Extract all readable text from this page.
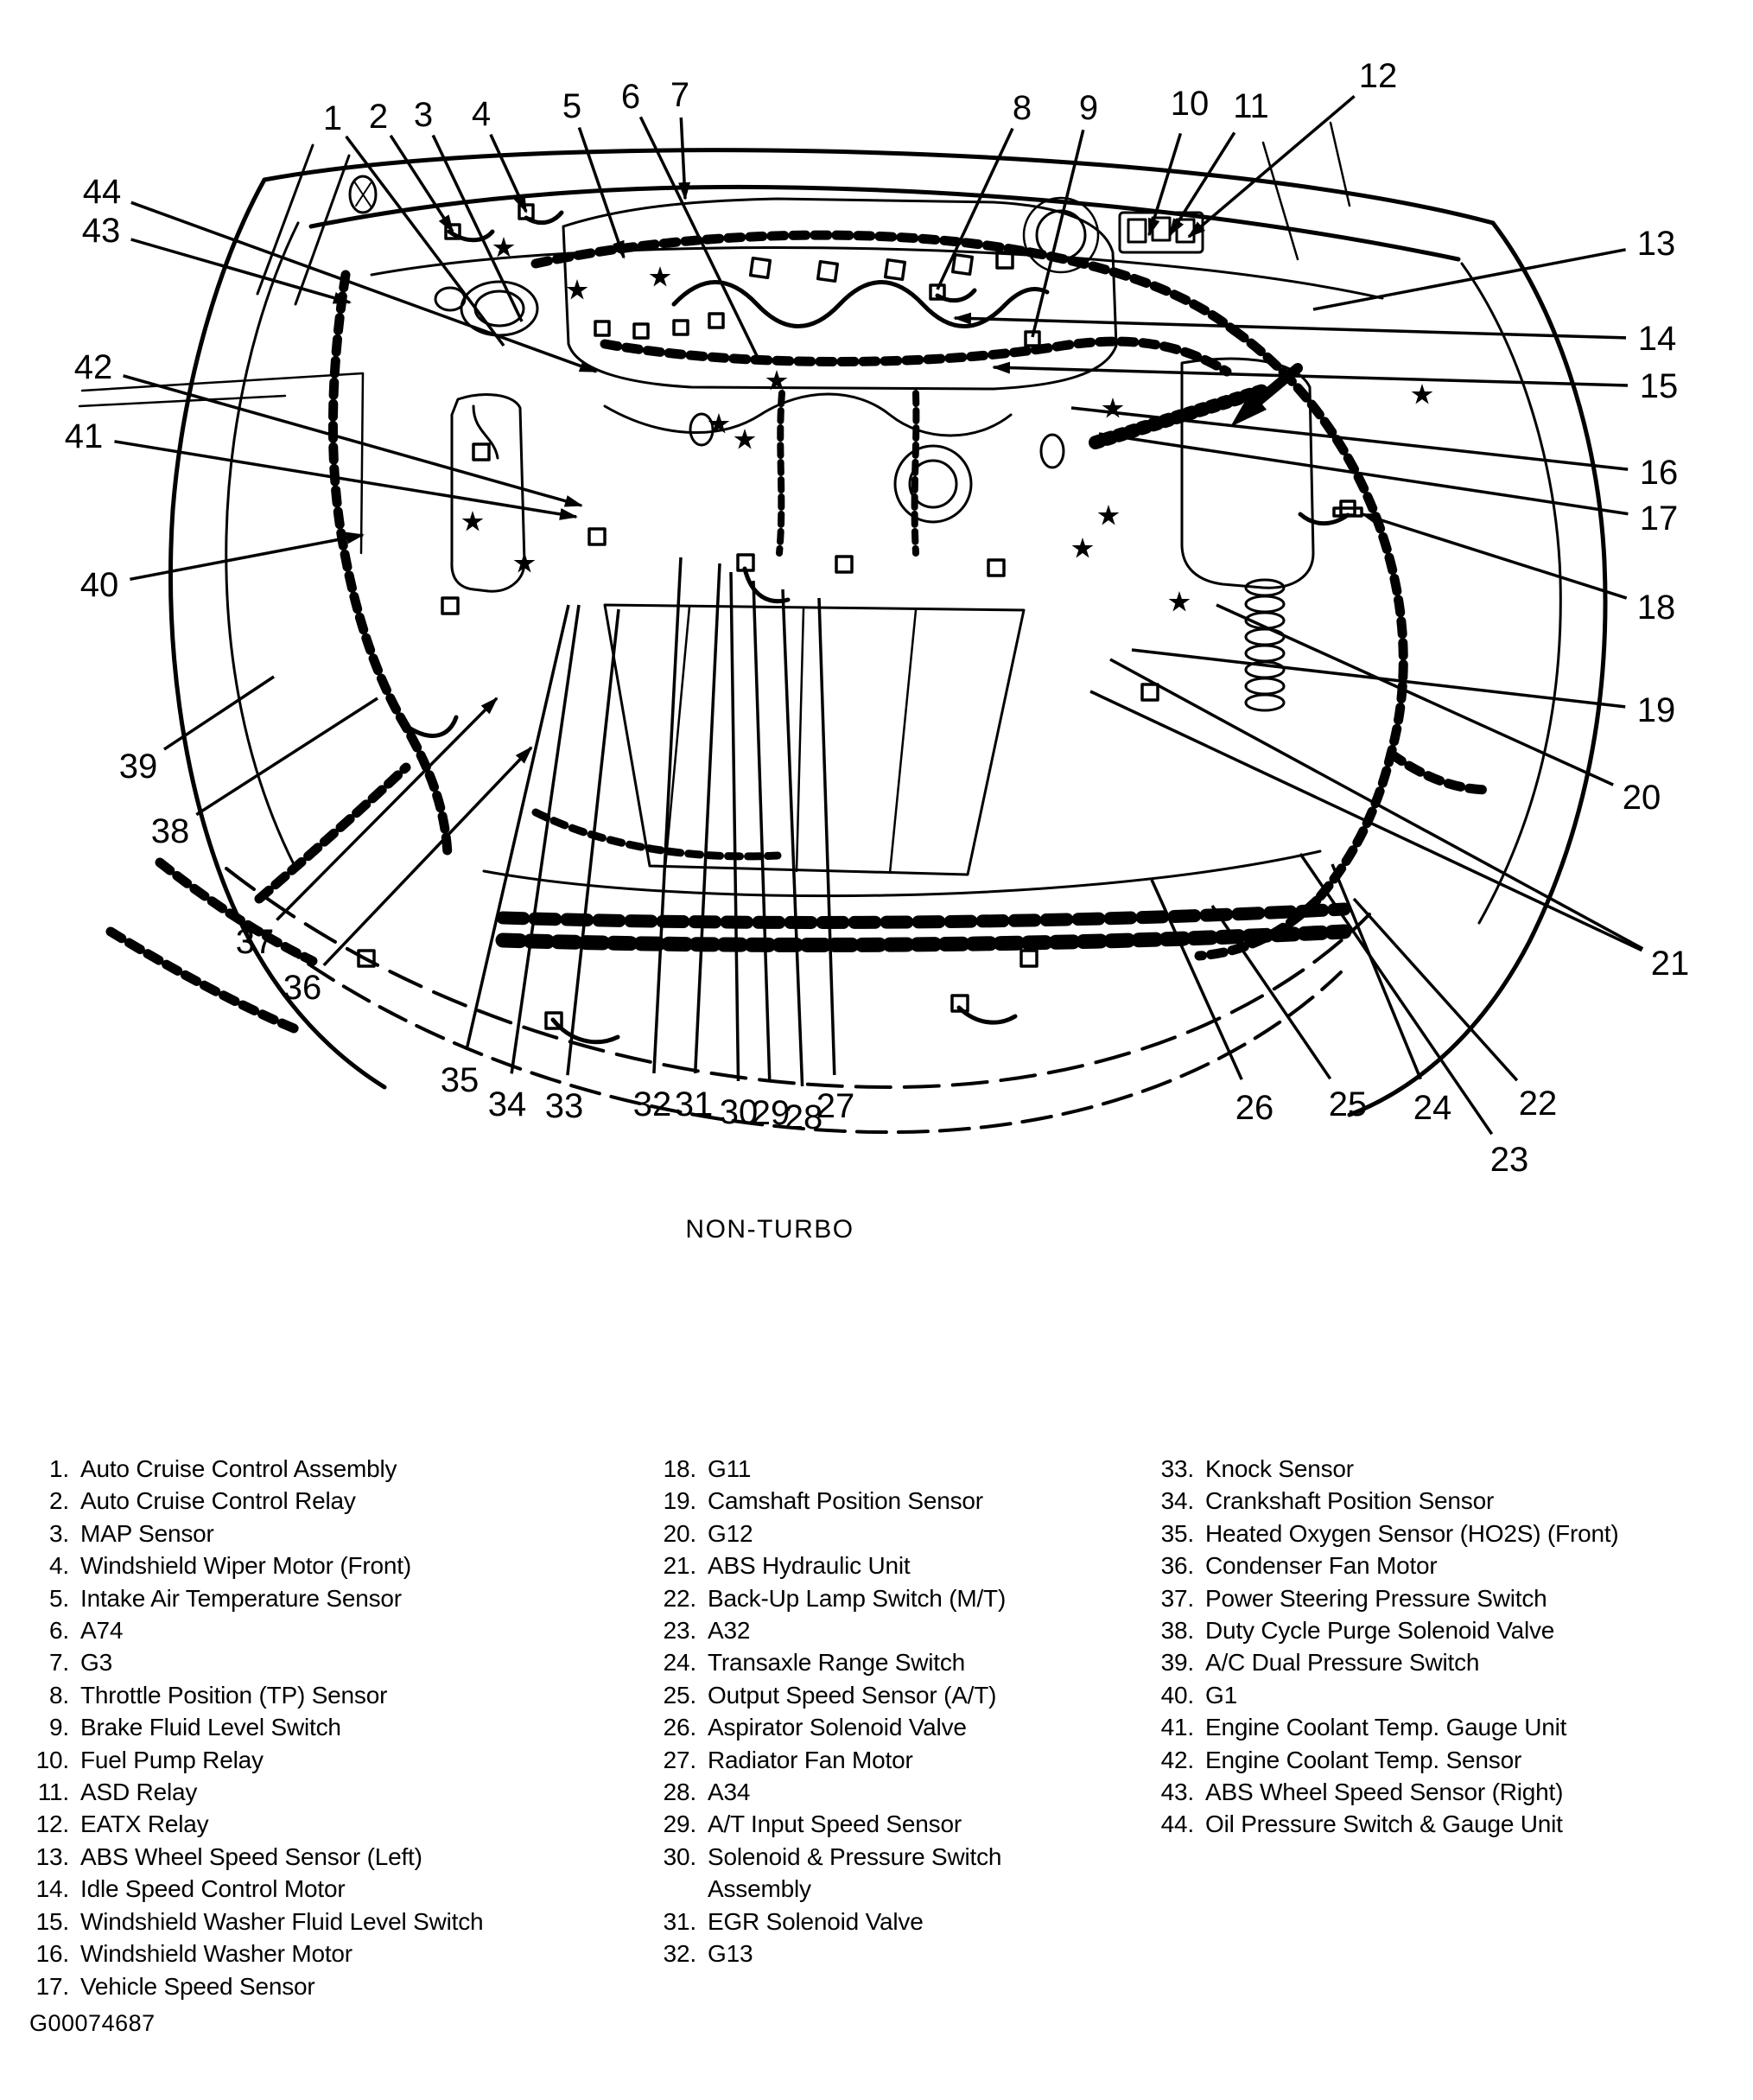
1 2 3 4 5 6 7	8 9 10 11
12
13
14
15
16
17
18
19
20
21
22
23
24
25
26
27
28
29
30
31
32
33
34
35
36
37
38
39
40
41
42
43
44
NON-TURBO
1. Auto Cruise Control Assembly
2. Auto Cruise Control Relay
3. MAP Sensor
4. Windshield Wiper Motor (Front)
5. Intake Air Temperature Sensor
6. A74
7. G3
8. Throttle Position (TP) Sensor
9. Brake Fluid Level Switch
10. Fuel Pump Relay
11. ASD Relay
12. EATX Relay
13. ABS Wheel Speed Sensor (Left)
14. Idle Speed Control Motor
15. Windshield Washer Fluid Level Switch
16. Windshield Washer Motor
17. Vehicle Speed Sensor
18. G11
19. Camshaft Position Sensor
20. G12
21. ABS Hydraulic Unit
22. Back-Up Lamp Switch (M/T)
23. A32
24. Transaxle Range Switch
25. Output Speed Sensor (A/T)
26. Aspirator Solenoid Valve
27. Radiator Fan Motor
28. A34
29. A/T Input Speed Sensor
30. Solenoid & Pressure Switch
Assembly
31. EGR Solenoid Valve
32. G13
33. Knock Sensor
34. Crankshaft Position Sensor
35. Heated Oxygen Sensor (HO2S) (Front)
36. Condenser Fan Motor
37. Power Steering Pressure Switch
38. Duty Cycle Purge Solenoid Valve
39. A/C Dual Pressure Switch
40. G1
41. Engine Coolant Temp. Gauge Unit
42. Engine Coolant Temp. Sensor
43. ABS Wheel Speed Sensor (Right)
44. Oil Pressure Switch & Gauge Unit
G00074687
